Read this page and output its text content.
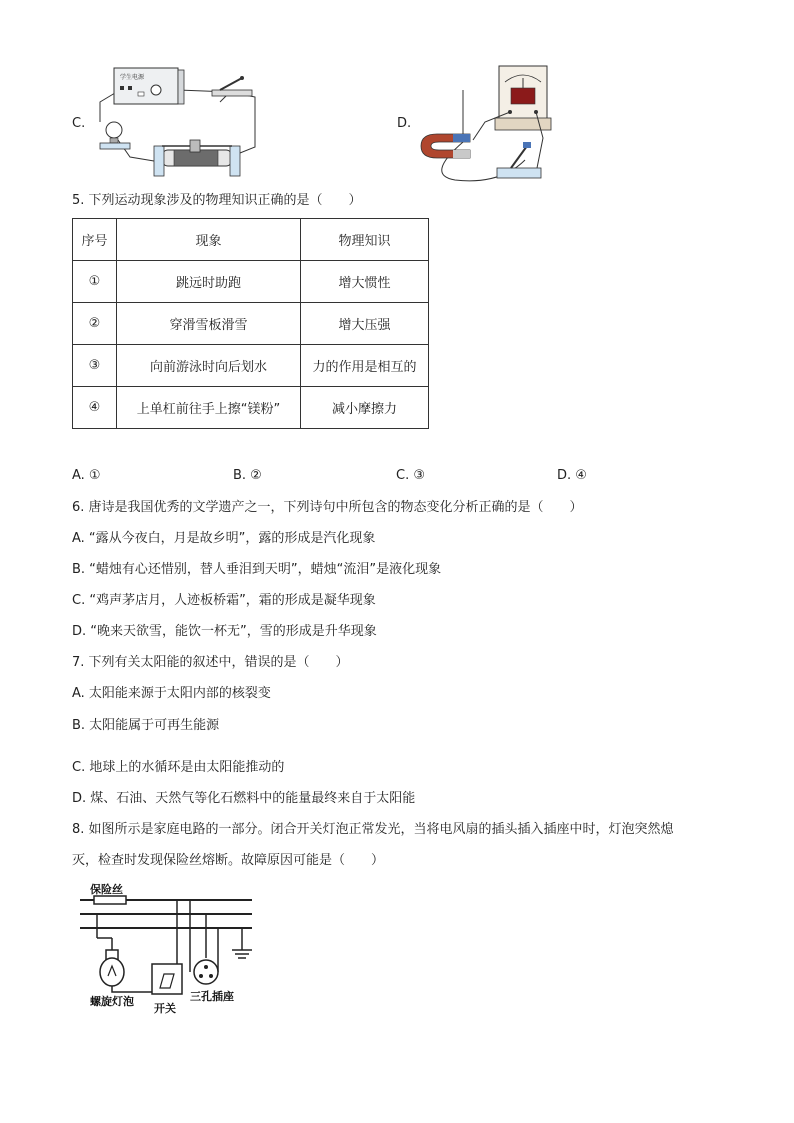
C.
学生电源
D.
5. 下列运动现象涉及的物理知识正确的是（　　）
序号	现象	物理知识
①	跳远时助跑	增大惯性
②	穿滑雪板滑雪	增大压强
③	向前游泳时向后划水	力的作用是相互的
④	上单杠前往手上擦“镁粉”	减小摩擦力
A. ①	B. ②	C. ③	D. ④
6. 唐诗是我国优秀的文学遗产之一，下列诗句中所包含的物态变化分析正确的是（　　）
A. “露从今夜白，月是故乡明”，露的形成是汽化现象
B. “蜡烛有心还惜别，替人垂泪到天明”，蜡烛“流泪”是液化现象
C. “鸡声茅店月，人迹板桥霜”，霜的形成是凝华现象
D. “晚来天欲雪，能饮一杯无”，雪的形成是升华现象
7. 下列有关太阳能的叙述中，错误的是（　　）
A. 太阳能来源于太阳内部的核裂变
B. 太阳能属于可再生能源
C. 地球上的水循环是由太阳能推动的
D. 煤、石油、天然气等化石燃料中的能量最终来自于太阳能
8. 如图所示是家庭电路的一部分。闭合开关灯泡正常发光，当将电风扇的插头插入插座中时，灯泡突然熄
灭，检查时发现保险丝熔断。故障原因可能是（　　）
保险丝
螺旋灯泡
开关
三孔插座
